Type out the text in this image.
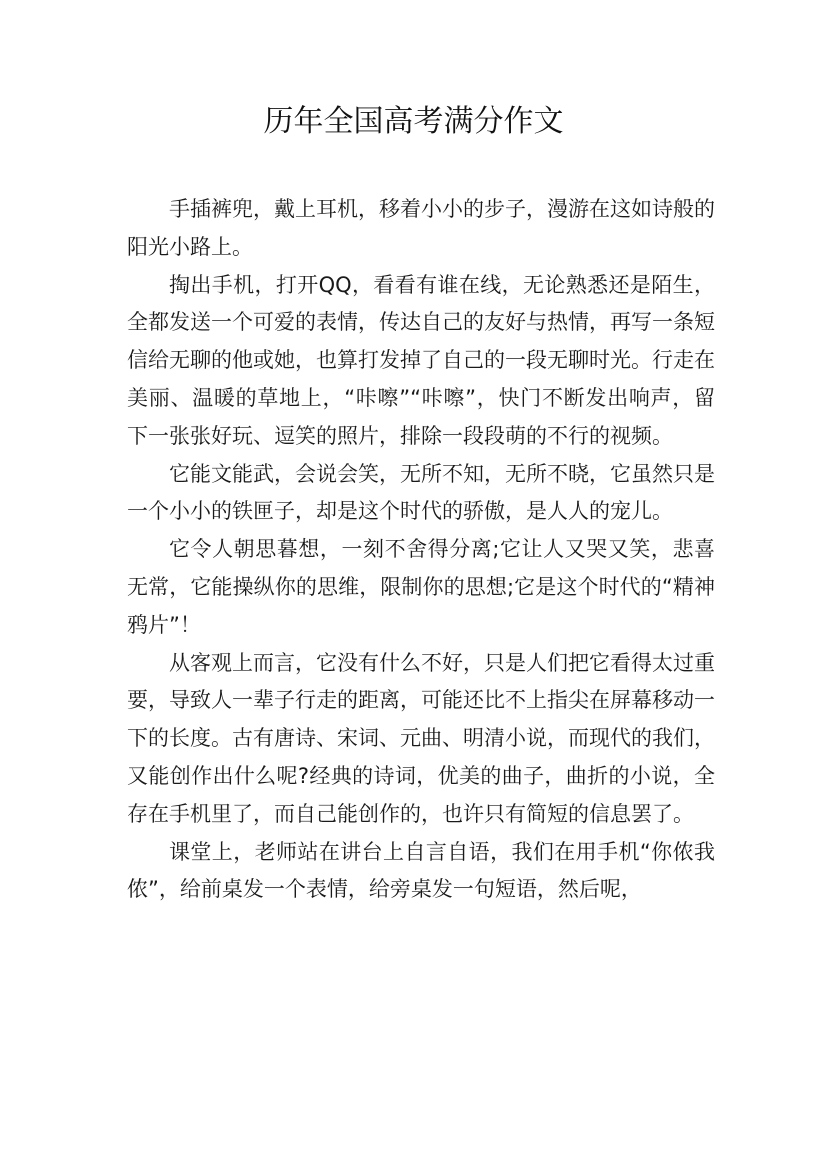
历年全国高考满分作文

手插裤兜，戴上耳机，移着小小的步子，漫游在这如诗般的阳光小路上。

掏出手机，打开QQ，看看有谁在线，无论熟悉还是陌生，全都发送一个可爱的表情，传达自己的友好与热情，再写一条短信给无聊的他或她，也算打发掉了自己的一段无聊时光。行走在美丽、温暖的草地上，“咔嚓”“咔嚓”，快门不断发出响声，留下一张张好玩、逗笑的照片，排除一段段萌的不行的视频。

它能文能武，会说会笑，无所不知，无所不晓，它虽然只是一个小小的铁匣子，却是这个时代的骄傲，是人人的宠儿。

它令人朝思暮想，一刻不舍得分离;它让人又哭又笑，悲喜无常，它能操纵你的思维，限制你的思想;它是这个时代的“精神鸦片”！

从客观上而言，它没有什么不好，只是人们把它看得太过重要，导致人一辈子行走的距离，可能还比不上指尖在屏幕移动一下的长度。古有唐诗、宋词、元曲、明清小说，而现代的我们，又能创作出什么呢?经典的诗词，优美的曲子，曲折的小说，全存在手机里了，而自己能创作的，也许只有简短的信息罢了。

课堂上，老师站在讲台上自言自语，我们在用手机“你侬我侬”，给前桌发一个表情，给旁桌发一句短语，然后呢，
